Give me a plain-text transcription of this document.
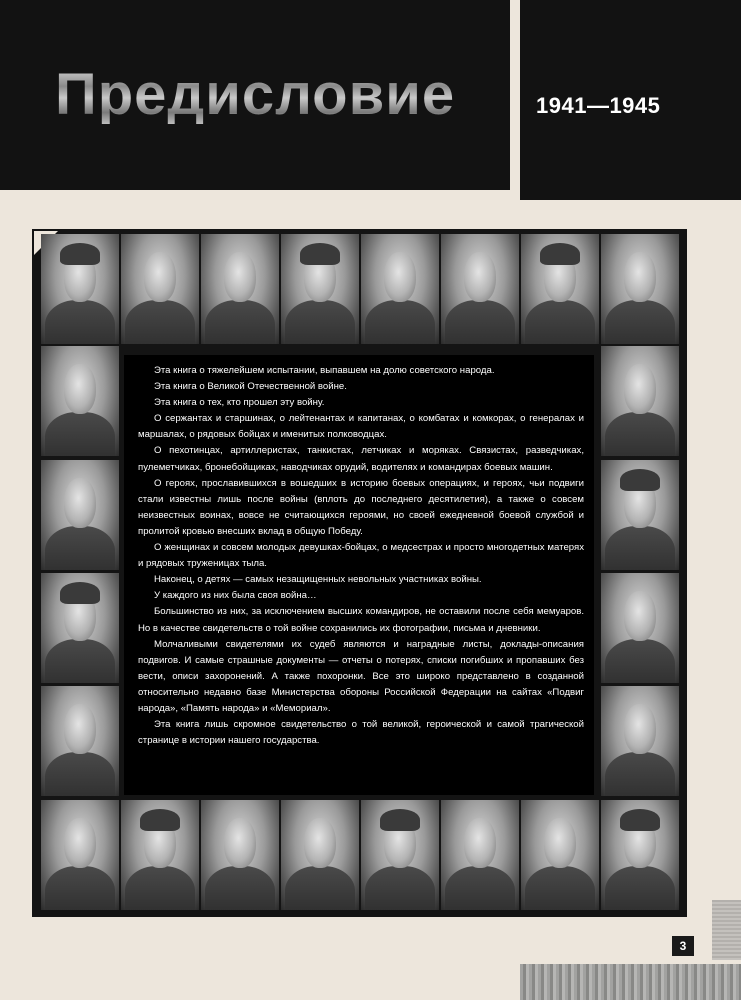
Предисловие	1941—1945

Эта книга о тяжелейшем испытании, выпавшем на долю советского народа.

Эта книга о Великой Отечественной войне.

Эта книга о тех, кто прошел эту войну.

О сержантах и старшинах, о лейтенантах и капитанах, о комбатах и комкорах, о генералах и маршалах, о рядовых бойцах и именитых полководцах.

О пехотинцах, артиллеристах, танкистах, летчиках и моряках. Связистах, разведчиках, пулеметчиках, бронебойщиках, наводчиках орудий, водителях и командирах боевых машин.

О героях, прославившихся в вошедших в историю боевых операциях, и героях, чьи подвиги стали известны лишь после войны (вплоть до последнего десятилетия), а также о совсем неизвестных воинах, вовсе не считающихся героями, но своей ежедневной боевой службой и пролитой кровью внесших вклад в общую Победу.

О женщинах и совсем молодых девушках-бойцах, о медсестрах и просто многодетных матерях и рядовых труженицах тыла.

Наконец, о детях — самых незащищенных невольных участниках войны.

У каждого из них была своя война…

Большинство из них, за исключением высших командиров, не оставили после себя мемуаров. Но в качестве свидетельств о той войне сохранились их фотографии, письма и дневники.

Молчаливыми свидетелями их судеб являются и наградные листы, доклады-описания подвигов. И самые страшные документы — отчеты о потерях, списки погибших и пропавших без вести, описи захоронений. А также похоронки. Все это широко представлено в созданной относительно недавно базе Министерства обороны Российской Федерации на сайтах «Подвиг народа», «Память народа» и «Мемориал».

Эта книга лишь скромное свидетельство о той великой, героической и самой трагической странице в истории нашего государства.

3
